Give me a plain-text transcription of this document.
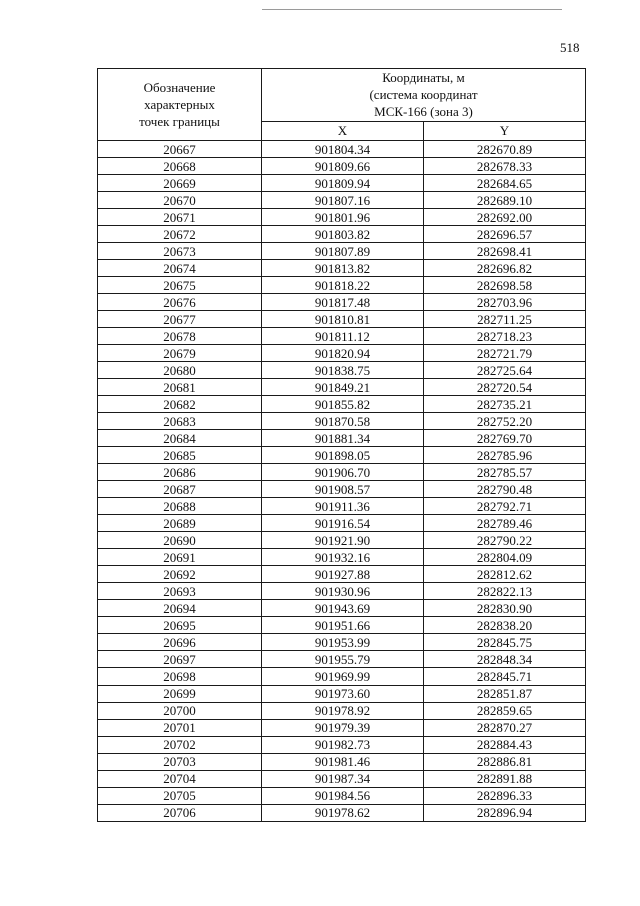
518
Обозначение
характерных
точек границы	Координаты, м
(система координат
МСК-166 (зона 3)	

	X	Y
20667	901804.34	282670.89
20668	901809.66	282678.33
20669	901809.94	282684.65
20670	901807.16	282689.10
20671	901801.96	282692.00
20672	901803.82	282696.57
20673	901807.89	282698.41
20674	901813.82	282696.82
20675	901818.22	282698.58
20676	901817.48	282703.96
20677	901810.81	282711.25
20678	901811.12	282718.23
20679	901820.94	282721.79
20680	901838.75	282725.64
20681	901849.21	282720.54
20682	901855.82	282735.21
20683	901870.58	282752.20
20684	901881.34	282769.70
20685	901898.05	282785.96
20686	901906.70	282785.57
20687	901908.57	282790.48
20688	901911.36	282792.71
20689	901916.54	282789.46
20690	901921.90	282790.22
20691	901932.16	282804.09
20692	901927.88	282812.62
20693	901930.96	282822.13
20694	901943.69	282830.90
20695	901951.66	282838.20
20696	901953.99	282845.75
20697	901955.79	282848.34
20698	901969.99	282845.71
20699	901973.60	282851.87
20700	901978.92	282859.65
20701	901979.39	282870.27
20702	901982.73	282884.43
20703	901981.46	282886.81
20704	901987.34	282891.88
20705	901984.56	282896.33
20706	901978.62	282896.94
